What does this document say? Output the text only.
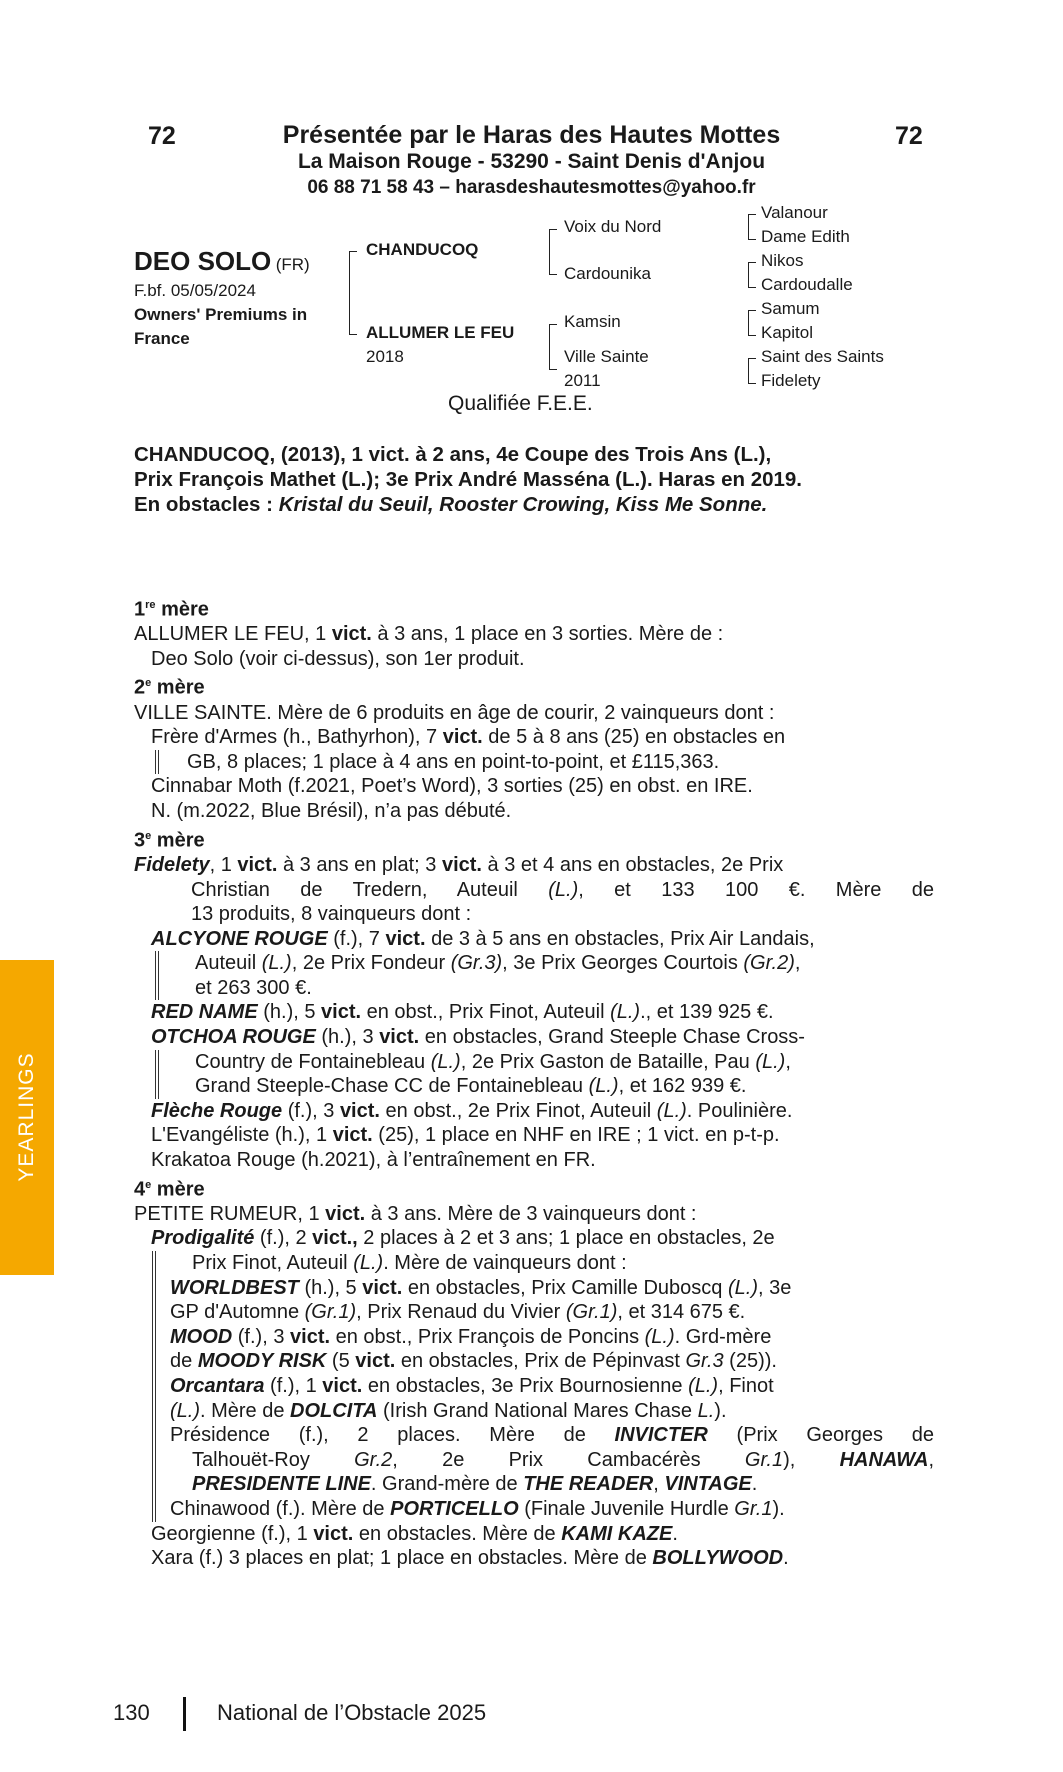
72	72
Présentée par le Haras des Hautes Mottes
La Maison Rouge - 53290 - Saint Denis d'Anjou
06 88 71 58 43 – harasdeshautesmottes@yahoo.fr
DEO SOLO (FR)
F.bf. 05/05/2024
Owners' Premiums in
France
CHANDUCOQ
ALLUMER LE FEU
2018
Voix du Nord
Cardounika
Kamsin
Ville Sainte
2011
Valanour
Dame Edith
Nikos
Cardoudalle
Samum
Kapitol
Saint des Saints
Fidelety
Qualifiée F.E.E.
CHANDUCOQ, (2013), 1 vict. à 2 ans, 4e Coupe des Trois Ans (L.),
Prix François Mathet (L.); 3e Prix André Masséna (L.). Haras en 2019.
En obstacles : Kristal du Seuil, Rooster Crowing, Kiss Me Sonne.
1re mère
ALLUMER LE FEU, 1 vict. à 3 ans, 1 place en 3 sorties. Mère de :
Deo Solo (voir ci-dessus), son 1er produit.
2e mère
VILLE SAINTE. Mère de 6 produits en âge de courir, 2 vainqueurs dont :
Frère d'Armes (h., Bathyrhon), 7 vict. de 5 à 8 ans (25) en obstacles en
GB, 8 places; 1 place à 4 ans en point-to-point, et £115,363.
Cinnabar Moth (f.2021, Poet’s Word), 3 sorties (25) en obst. en IRE.
N. (m.2022, Blue Brésil), n’a pas débuté.
3e mère
Fidelety, 1 vict. à 3 ans en plat; 3 vict. à 3 et 4 ans en obstacles, 2e Prix
Christian de Tredern, Auteuil (L.), et 133 100 €. Mère de
13 produits, 8 vainqueurs dont :
ALCYONE ROUGE (f.), 7 vict. de 3 à 5 ans en obstacles, Prix Air Landais,
Auteuil (L.), 2e Prix Fondeur (Gr.3), 3e Prix Georges Courtois (Gr.2),
et 263 300 €.
RED NAME (h.), 5 vict. en obst., Prix Finot, Auteuil (L.)., et 139 925 €.
OTCHOA ROUGE (h.), 3 vict. en obstacles, Grand Steeple Chase Cross-
Country de Fontainebleau (L.), 2e Prix Gaston de Bataille, Pau (L.),
Grand Steeple-Chase CC de Fontainebleau (L.), et 162 939 €.
Flèche Rouge (f.), 3 vict. en obst., 2e Prix Finot, Auteuil (L.). Poulinière.
L'Evangéliste (h.), 1 vict. (25), 1 place en NHF en IRE ; 1 vict. en p-t-p.
Krakatoa Rouge (h.2021), à l’entraînement en FR.
4e mère
PETITE RUMEUR, 1 vict. à 3 ans. Mère de 3 vainqueurs dont :
Prodigalité (f.), 2 vict., 2 places à 2 et 3 ans; 1 place en obstacles, 2e
Prix Finot, Auteuil (L.). Mère de vainqueurs dont :
WORLDBEST (h.), 5 vict. en obstacles, Prix Camille Duboscq (L.), 3e
GP d'Automne (Gr.1), Prix Renaud du Vivier (Gr.1), et 314 675 €.
MOOD (f.), 3 vict. en obst., Prix François de Poncins (L.). Grd-mère
de MOODY RISK (5 vict. en obstacles, Prix de Pépinvast Gr.3 (25)).
Orcantara (f.), 1 vict. en obstacles, 3e Prix Bournosienne (L.), Finot
(L.). Mère de DOLCITA (Irish Grand National Mares Chase L.).
Présidence (f.), 2 places. Mère de INVICTER (Prix Georges de
Talhouët-Roy Gr.2, 2e Prix Cambacérès Gr.1), HANAWA,
PRESIDENTE LINE. Grand-mère de THE READER, VINTAGE.
Chinawood (f.). Mère de PORTICELLO (Finale Juvenile Hurdle Gr.1).
Georgienne (f.), 1 vict. en obstacles. Mère de KAMI KAZE.
Xara (f.) 3 places en plat; 1 place en obstacles. Mère de BOLLYWOOD.
YEARLINGS
130	National de l’Obstacle 2025
